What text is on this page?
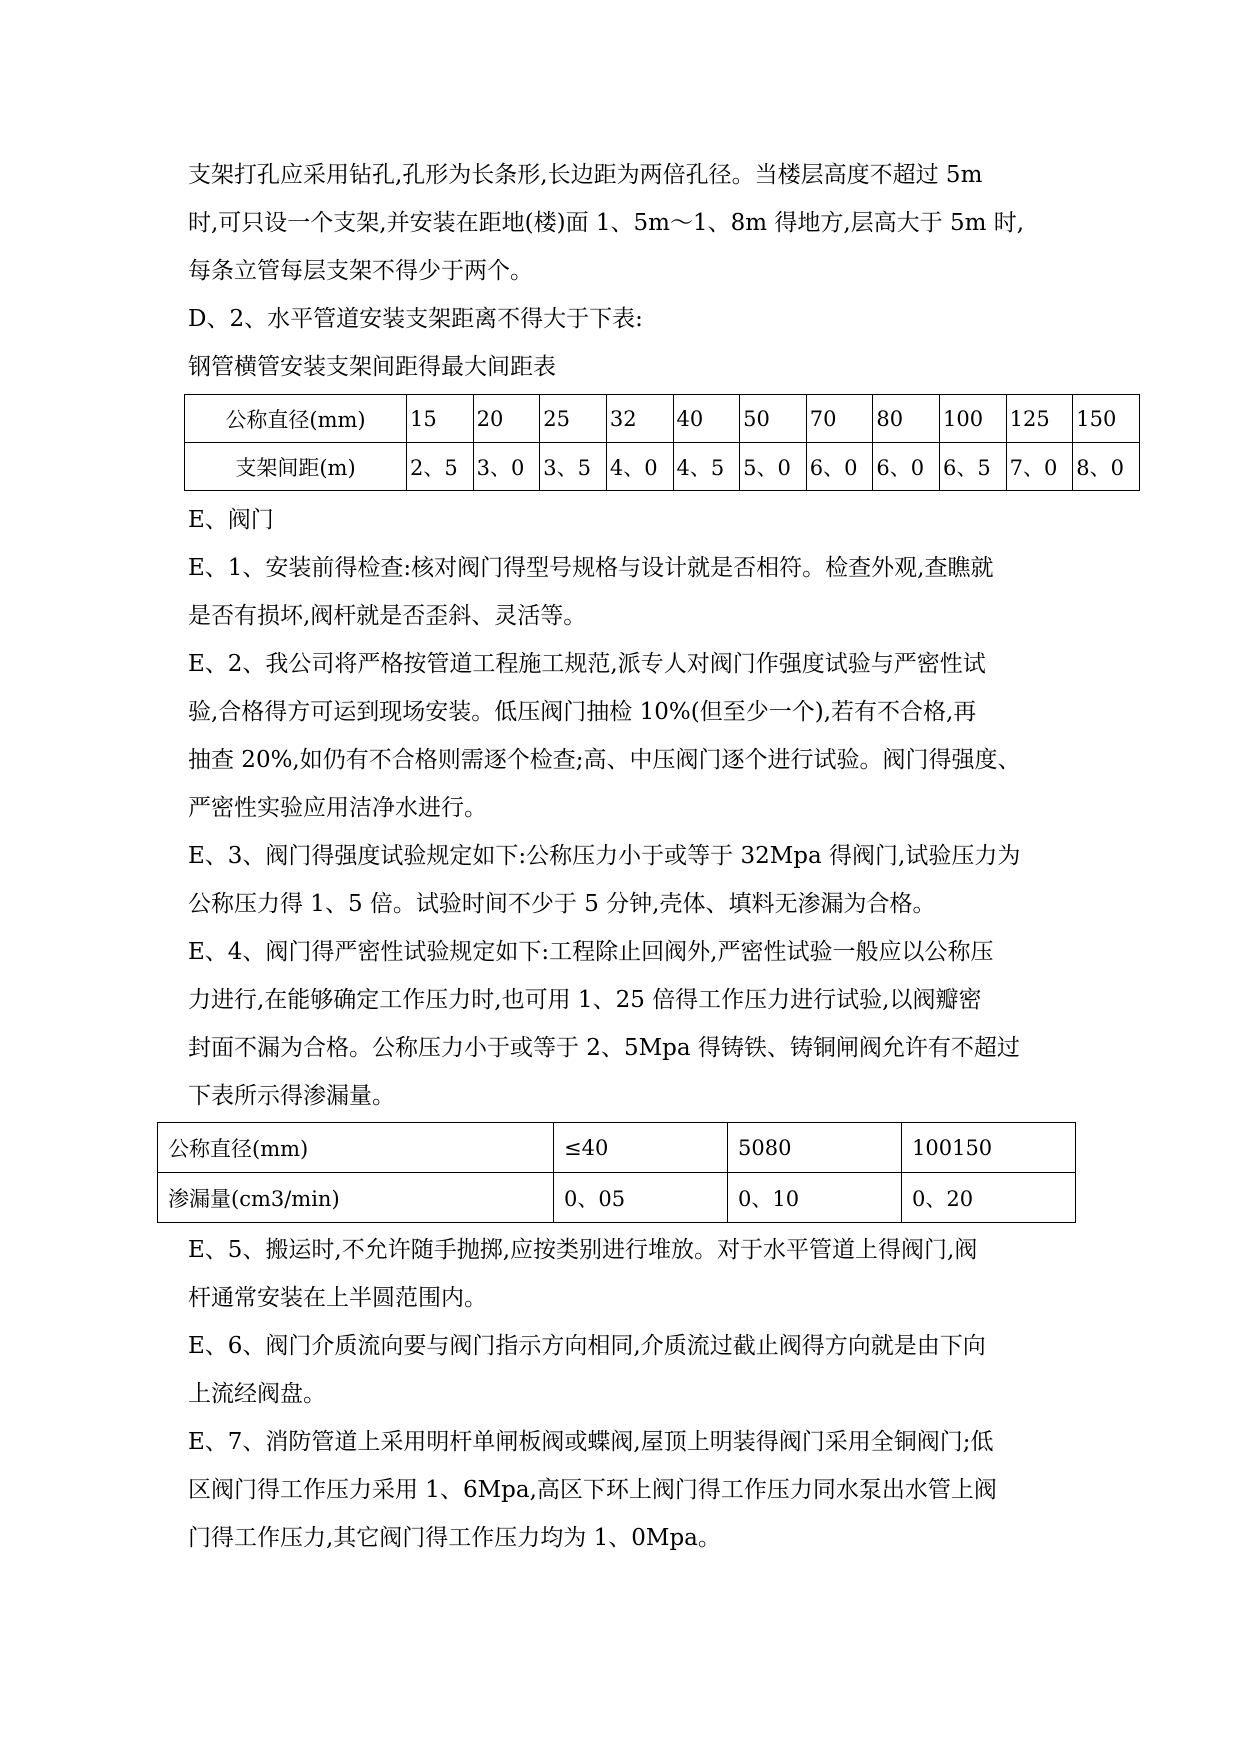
支架打孔应采用钻孔,孔形为长条形,长边距为两倍孔径。当楼层高度不超过 5m

时,可只设一个支架,并安装在距地(楼)面 1、5m～1、8m 得地方,层高大于 5m 时,

每条立管每层支架不得少于两个。

D、2、水平管道安装支架距离不得大于下表:

钢管横管安装支架间距得最大间距表

公称直径(mm)	15	20	25	32	40	50	70	80	100	125	150
支架间距(m)	2、5	3、0	3、5	4、0	4、5	5、0	6、0	6、0	6、5	7、0	8、0

E、阀门

E、1、安装前得检查:核对阀门得型号规格与设计就是否相符。检查外观,查瞧就

是否有损坏,阀杆就是否歪斜、灵活等。

E、2、我公司将严格按管道工程施工规范,派专人对阀门作强度试验与严密性试

验,合格得方可运到现场安装。低压阀门抽检 10%(但至少一个),若有不合格,再

抽查 20%,如仍有不合格则需逐个检查;高、中压阀门逐个进行试验。阀门得强度、

严密性实验应用洁净水进行。

E、3、阀门得强度试验规定如下:公称压力小于或等于 32Mpa 得阀门,试验压力为

公称压力得 1、5 倍。试验时间不少于 5 分钟,壳体、填料无渗漏为合格。

E、4、阀门得严密性试验规定如下:工程除止回阀外,严密性试验一般应以公称压

力进行,在能够确定工作压力时,也可用 1、25 倍得工作压力进行试验,以阀瓣密

封面不漏为合格。公称压力小于或等于 2、5Mpa 得铸铁、铸铜闸阀允许有不超过

下表所示得渗漏量。

公称直径(mm)	≤40	5080	100150
渗漏量(cm3/min)	0、05	0、10	0、20

E、5、搬运时,不允许随手抛掷,应按类别进行堆放。对于水平管道上得阀门,阀

杆通常安装在上半圆范围内。

E、6、阀门介质流向要与阀门指示方向相同,介质流过截止阀得方向就是由下向

上流经阀盘。

E、7、消防管道上采用明杆单闸板阀或蝶阀,屋顶上明装得阀门采用全铜阀门;低

区阀门得工作压力采用 1、6Mpa,高区下环上阀门得工作压力同水泵出水管上阀

门得工作压力,其它阀门得工作压力均为 1、0Mpa。
